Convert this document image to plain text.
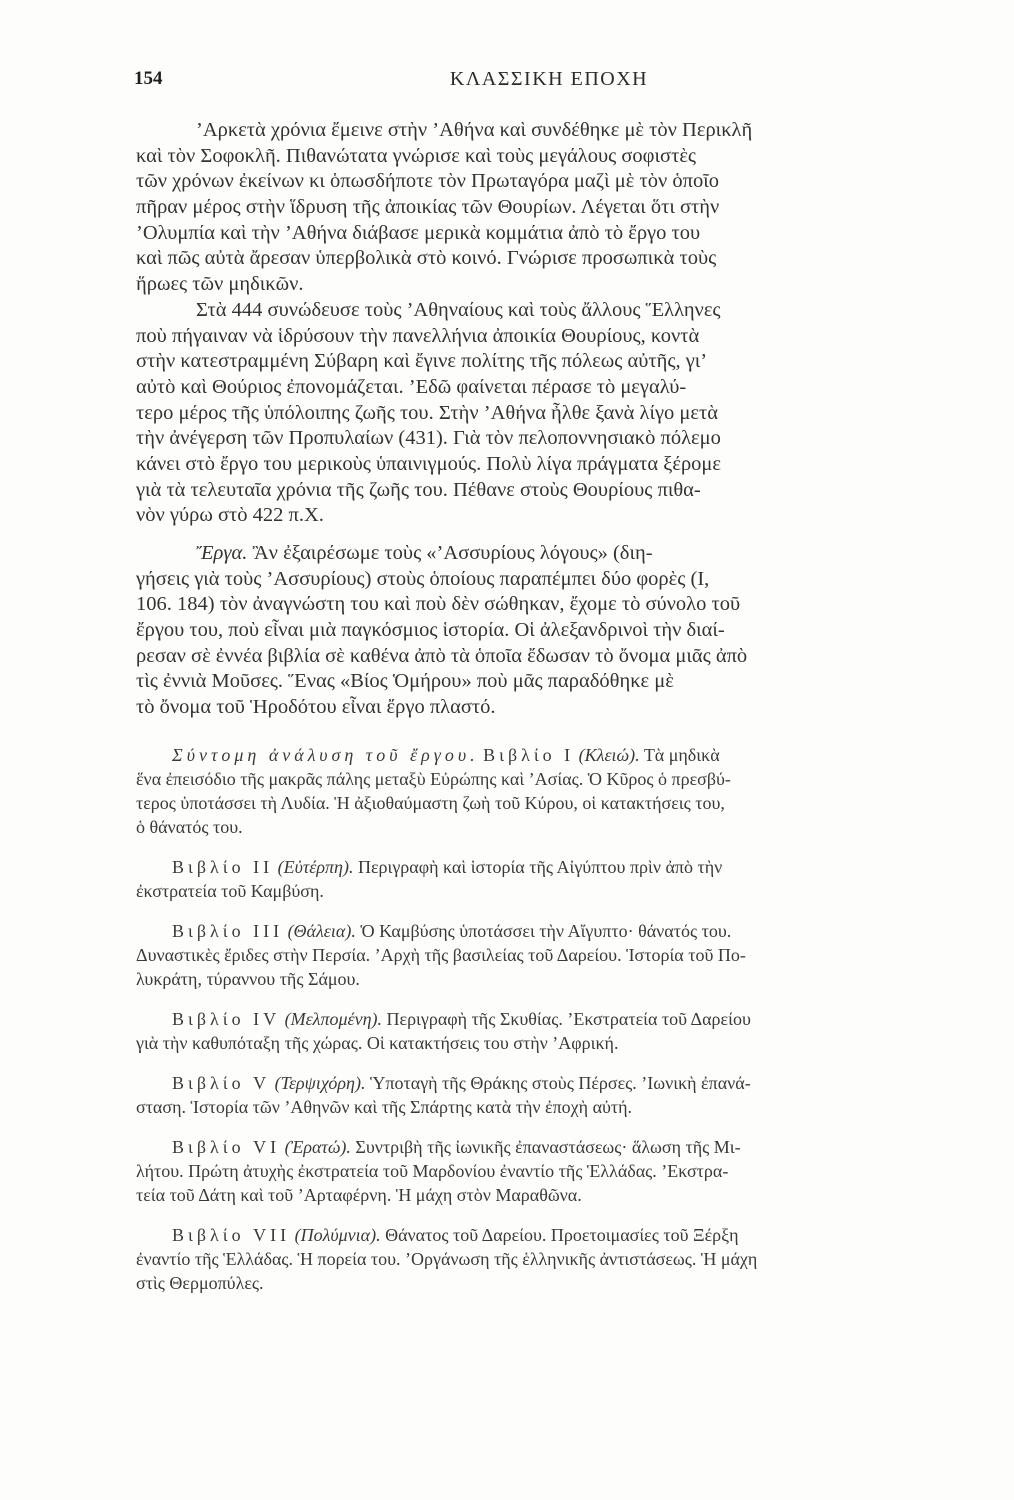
154	ΚΛΑΣΣΙΚΗ ΕΠΟΧΗ
’Αρκετὰ χρόνια ἔμεινε στὴν ’Αθήνα καὶ συνδέθηκε μὲ τὸν Περικλῆ
καὶ τὸν Σοφοκλῆ. Πιθανώτατα γνώρισε καὶ τοὺς μεγάλους σοφιστὲς
τῶν χρόνων ἐκείνων κι ὁπωσδήποτε τὸν Πρωταγόρα μαζὶ μὲ τὸν ὁποῖο
πῆραν μέρος στὴν ἵδρυση τῆς ἀποικίας τῶν Θουρίων. Λέγεται ὅτι στὴν
’Ολυμπία καὶ τὴν ’Αθήνα διάβασε μερικὰ κομμάτια ἀπὸ τὸ ἔργο του
καὶ πῶς αὐτὰ ἄρεσαν ὑπερβολικὰ στὸ κοινό. Γνώρισε προσωπικὰ τοὺς
ἥρωες τῶν μηδικῶν.
Στὰ 444 συνώδευσε τοὺς ’Αθηναίους καὶ τοὺς ἄλλους Ἕλληνες
ποὺ πήγαιναν νὰ ἱδρύσουν τὴν πανελλήνια ἀποικία Θουρίους, κοντὰ
στὴν κατεστραμμένη Σύβαρη καὶ ἔγινε πολίτης τῆς πόλεως αὐτῆς, γι’
αὐτὸ καὶ Θούριος ἐπονομάζεται. ’Εδῶ φαίνεται πέρασε τὸ μεγαλύ-
τερο μέρος τῆς ὑπόλοιπης ζωῆς του. Στὴν ’Αθήνα ἦλθε ξανὰ λίγο μετὰ
τὴν ἀνέγερση τῶν Προπυλαίων (431). Γιὰ τὸν πελοποννησιακὸ πόλεμο
κάνει στὸ ἔργο του μερικοὺς ὑπαινιγμούς. Πολὺ λίγα πράγματα ξέρομε
γιὰ τὰ τελευταῖα χρόνια τῆς ζωῆς του. Πέθανε στοὺς Θουρίους πιθα-
νὸν γύρω στὸ 422 π.Χ.
Ἔργα. Ἂν ἐξαιρέσωμε τοὺς «’Ασσυρίους λόγους» (διη-
γήσεις γιὰ τοὺς ’Ασσυρίους) στοὺς ὁποίους παραπέμπει δύο φορὲς (Ι,
106. 184) τὸν ἀναγνώστη του καὶ ποὺ δὲν σώθηκαν, ἔχομε τὸ σύνολο τοῦ
ἔργου του, ποὺ εἶναι μιὰ παγκόσμιος ἱστορία. Οἱ ἀλεξανδρινοὶ τὴν διαί-
ρεσαν σὲ ἐννέα βιβλία σὲ καθένα ἀπὸ τὰ ὁποῖα ἔδωσαν τὸ ὄνομα μιᾶς ἀπὸ
τὶς ἐννιὰ Μοῦσες. Ἕνας «Βίος Ὁμήρου» ποὺ μᾶς παραδόθηκε μὲ
τὸ ὄνομα τοῦ Ἡροδότου εἶναι ἔργο πλαστό.
Σύντομη ἀνάλυση τοῦ ἔργου. Βιβλίο Ι (Κλειώ). Τὰ μηδικὰ
ἕνα ἐπεισόδιο τῆς μακρᾶς πάλης μεταξὺ Εὐρώπης καὶ ’Ασίας. Ὁ Κῦρος ὁ πρεσβύ-
τερος ὑποτάσσει τὴ Λυδία. Ἡ ἀξιοθαύμαστη ζωὴ τοῦ Κύρου, οἱ κατακτήσεις του,
ὁ θάνατός του.
Βιβλίο ΙΙ (Εὐτέρπη). Περιγραφὴ καὶ ἱστορία τῆς Αἰγύπτου πρὶν ἀπὸ τὴν
ἐκστρατεία τοῦ Καμβύση.
Βιβλίο ΙΙΙ (Θάλεια). Ὁ Καμβύσης ὑποτάσσει τὴν Αἴγυπτο· θάνατός του.
Δυναστικὲς ἔριδες στὴν Περσία. ’Αρχὴ τῆς βασιλείας τοῦ Δαρείου. Ἱστορία τοῦ Πο-
λυκράτη, τύραννου τῆς Σάμου.
Βιβλίο IV (Μελπομένη). Περιγραφὴ τῆς Σκυθίας. ’Εκστρατεία τοῦ Δαρείου
γιὰ τὴν καθυπόταξη τῆς χώρας. Οἱ κατακτήσεις του στὴν ’Αφρική.
Βιβλίο V (Τερψιχόρη). Ὑποταγὴ τῆς Θράκης στοὺς Πέρσες. ’Ιωνικὴ ἐπανά-
σταση. Ἱστορία τῶν ’Αθηνῶν καὶ τῆς Σπάρτης κατὰ τὴν ἐποχὴ αὐτή.
Βιβλίο VI (Ἐρατώ). Συντριβὴ τῆς ἰωνικῆς ἐπαναστάσεως· ἅλωση τῆς Μι-
λήτου. Πρώτη ἀτυχὴς ἐκστρατεία τοῦ Μαρδονίου ἐναντίο τῆς Ἑλλάδας. ’Εκστρα-
τεία τοῦ Δάτη καὶ τοῦ ’Αρταφέρνη. Ἡ μάχη στὸν Μαραθῶνα.
Βιβλίο VII (Πολύμνια). Θάνατος τοῦ Δαρείου. Προετοιμασίες τοῦ Ξέρξη
ἐναντίο τῆς Ἑλλάδας. Ἡ πορεία του. ’Οργάνωση τῆς ἑλληνικῆς ἀντιστάσεως. Ἡ μάχη
στὶς Θερμοπύλες.
